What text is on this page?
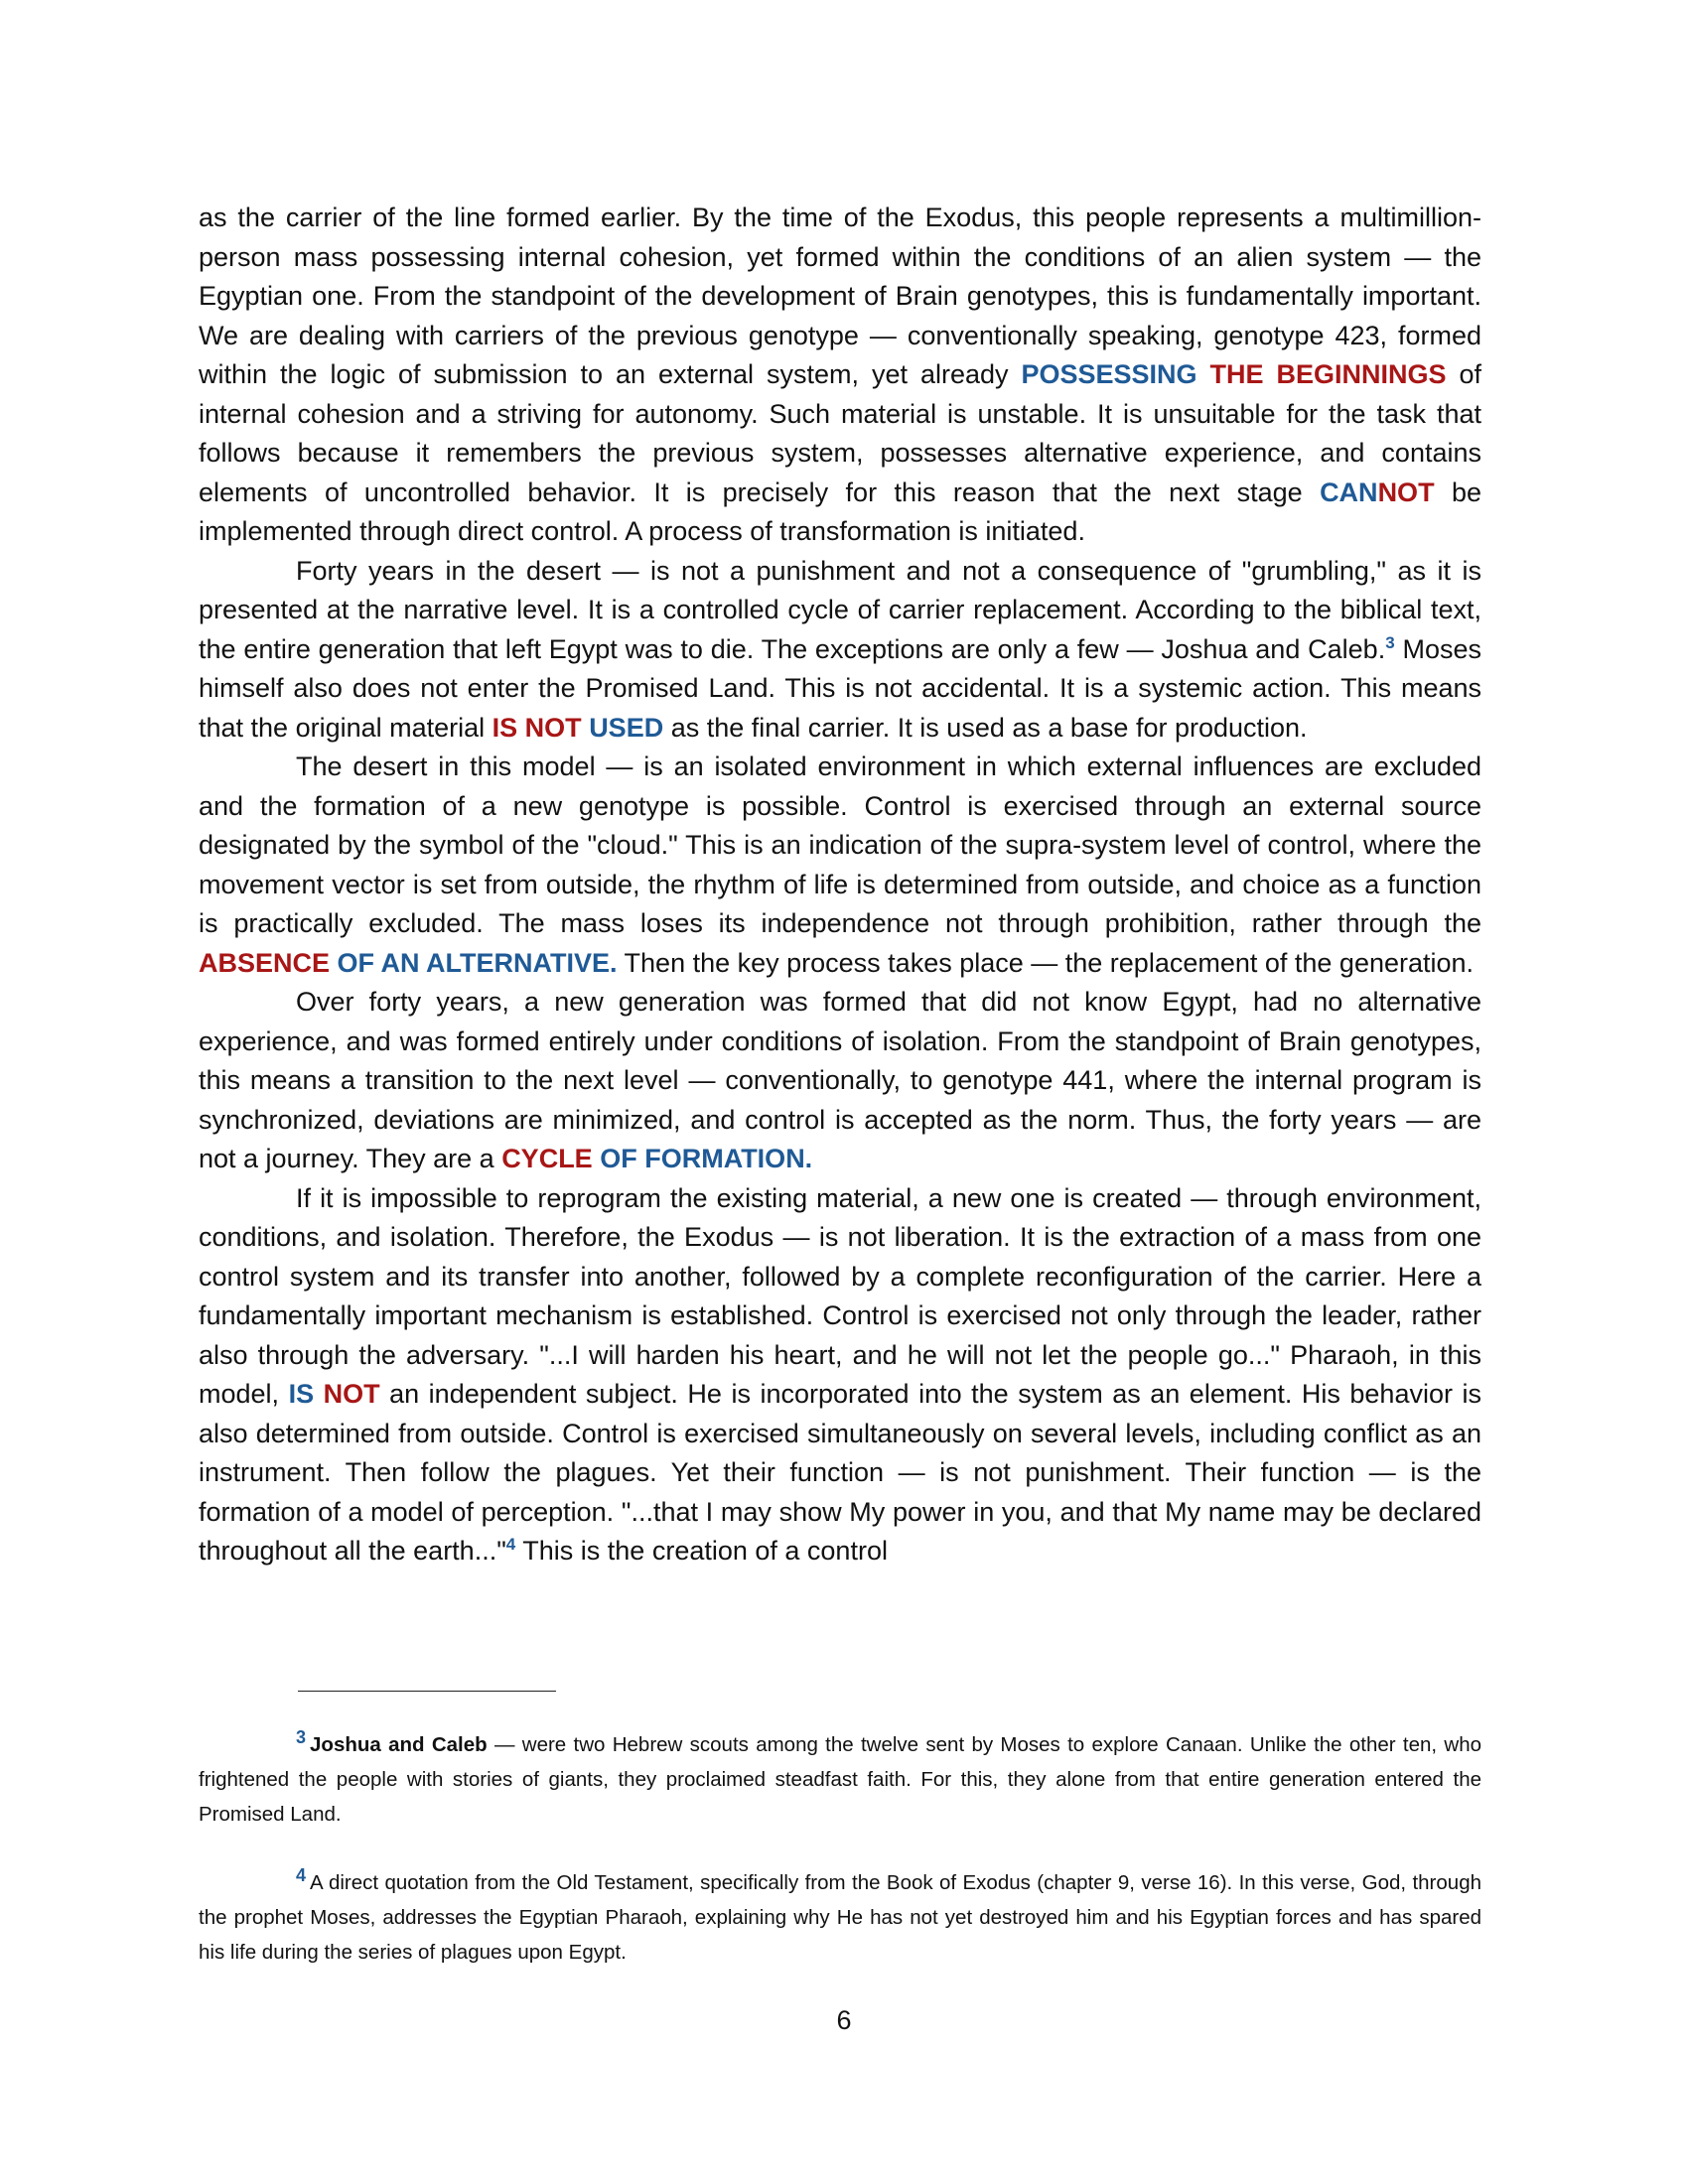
as the carrier of the line formed earlier. By the time of the Exodus, this people represents a multimillion-person mass possessing internal cohesion, yet formed within the conditions of an alien system — the Egyptian one. From the standpoint of the development of Brain genotypes, this is fundamentally important. We are dealing with carriers of the previous genotype — conventionally speaking, genotype 423, formed within the logic of submission to an external system, yet already POSSESSING THE BEGINNINGS of internal cohesion and a striving for autonomy. Such material is unstable. It is unsuitable for the task that follows because it remembers the previous system, possesses alternative experience, and contains elements of uncontrolled behavior. It is precisely for this reason that the next stage CANNOT be implemented through direct control. A process of transformation is initiated.

Forty years in the desert — is not a punishment and not a consequence of "grumbling," as it is presented at the narrative level. It is a controlled cycle of carrier replacement. According to the biblical text, the entire generation that left Egypt was to die. The exceptions are only a few — Joshua and Caleb.$^3$ Moses himself also does not enter the Promised Land. This is not accidental. It is a systemic action. This means that the original material IS NOT USED as the final carrier. It is used as a base for production.

The desert in this model — is an isolated environment in which external influences are excluded and the formation of a new genotype is possible. Control is exercised through an external source designated by the symbol of the "cloud." This is an indication of the supra-system level of control, where the movement vector is set from outside, the rhythm of life is determined from outside, and choice as a function is practically excluded. The mass loses its independence not through prohibition, rather through the ABSENCE OF AN ALTERNATIVE. Then the key process takes place — the replacement of the generation.

Over forty years, a new generation was formed that did not know Egypt, had no alternative experience, and was formed entirely under conditions of isolation. From the standpoint of Brain genotypes, this means a transition to the next level — conventionally, to genotype 441, where the internal program is synchronized, deviations are minimized, and control is accepted as the norm. Thus, the forty years — are not a journey. They are a CYCLE OF FORMATION.

If it is impossible to reprogram the existing material, a new one is created — through environment, conditions, and isolation. Therefore, the Exodus — is not liberation. It is the extraction of a mass from one control system and its transfer into another, followed by a complete reconfiguration of the carrier. Here a fundamentally important mechanism is established. Control is exercised not only through the leader, rather also through the adversary. "...I will harden his heart, and he will not let the people go..." Pharaoh, in this model, IS NOT an independent subject. He is incorporated into the system as an element. His behavior is also determined from outside. Control is exercised simultaneously on several levels, including conflict as an instrument. Then follow the plagues. Yet their function — is not punishment. Their function — is the formation of a model of perception. "...that I may show My power in you, and that My name may be declared throughout all the earth..."$^4$ This is the creation of a control

3 Joshua and Caleb — were two Hebrew scouts among the twelve sent by Moses to explore Canaan. Unlike the other ten, who frightened the people with stories of giants, they proclaimed steadfast faith. For this, they alone from that entire generation entered the Promised Land.

4 A direct quotation from the Old Testament, specifically from the Book of Exodus (chapter 9, verse 16). In this verse, God, through the prophet Moses, addresses the Egyptian Pharaoh, explaining why He has not yet destroyed him and his Egyptian forces and has spared his life during the series of plagues upon Egypt.

6
